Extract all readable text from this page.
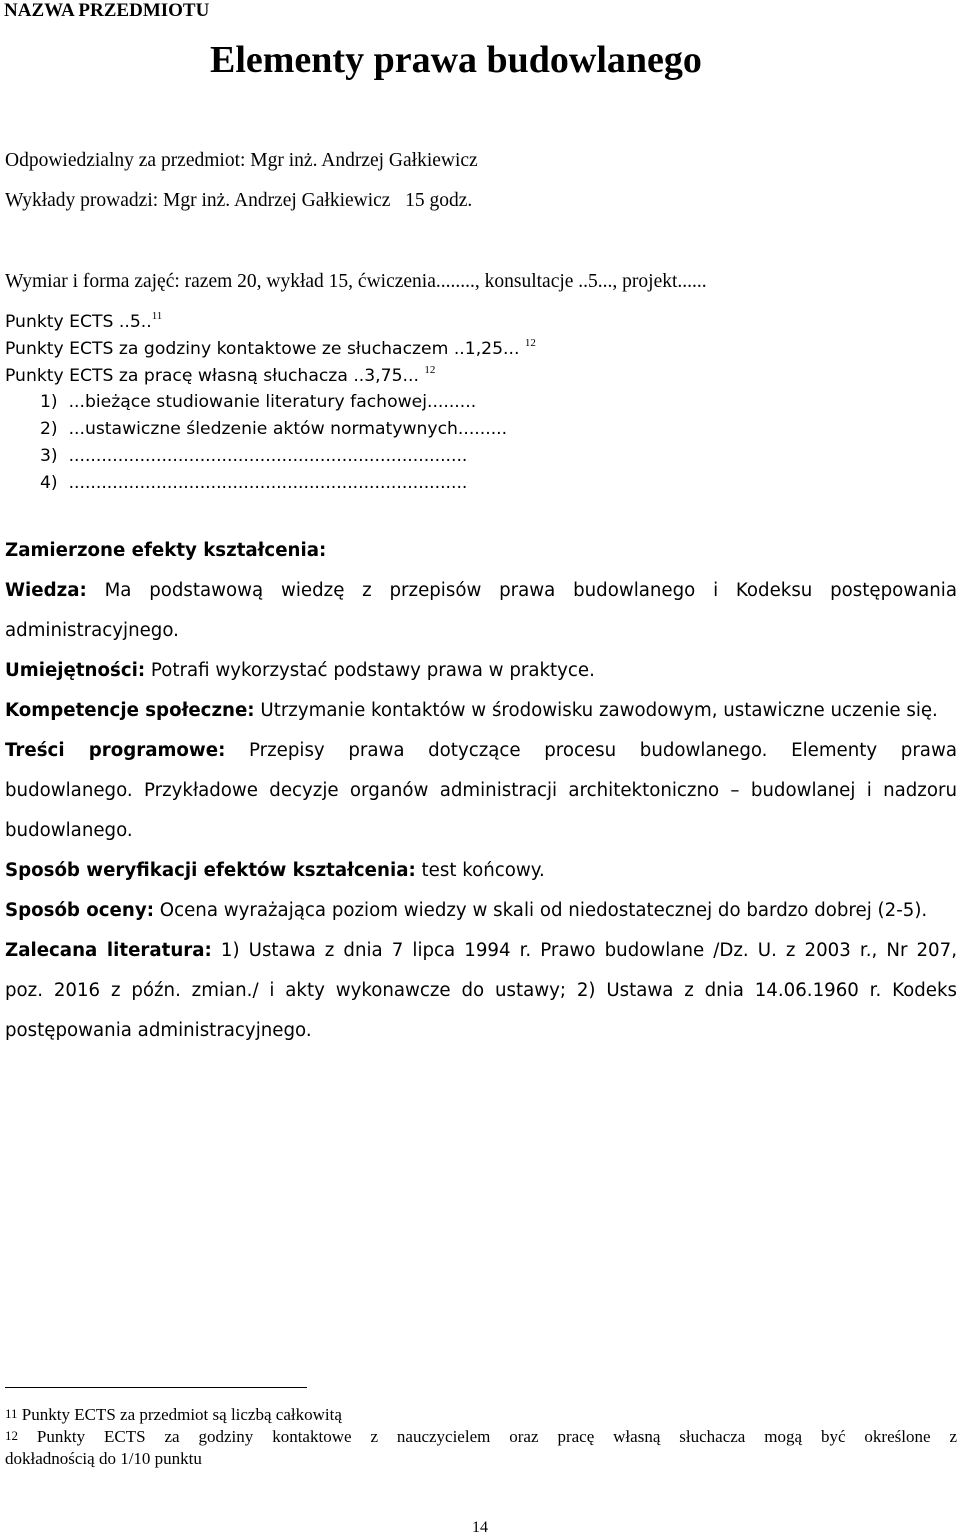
NAZWA PRZEDMIOTU
Elementy prawa budowlanego
Odpowiedzialny za przedmiot: Mgr inż. Andrzej Gałkiewicz
Wykłady prowadzi: Mgr inż. Andrzej Gałkiewicz   15 godz.
Wymiar i forma zajęć: razem 20, wykład 15, ćwiczenia........, konsultacje ..5..., projekt......
Punkty ECTS ..5..$^{11}$
Punkty ECTS za godziny kontaktowe ze słuchaczem ..1,25... $^{12}$
Punkty ECTS za pracę własną słuchacza ..3,75... $^{12}$
1)  ...bieżące studiowanie literatury fachowej.........
2)  ...ustawiczne śledzenie aktów normatywnych.........
3)  .........................................................................
4)  .........................................................................
Zamierzone efekty kształcenia:
Wiedza: Ma podstawową wiedzę z przepisów prawa budowlanego i Kodeksu postępowania
administracyjnego.
Umiejętności: Potrafi wykorzystać podstawy prawa w praktyce.
Kompetencje społeczne: Utrzymanie kontaktów w środowisku zawodowym, ustawiczne uczenie się.
Treści programowe: Przepisy prawa dotyczące procesu budowlanego. Elementy prawa
budowlanego. Przykładowe decyzje organów administracji architektoniczno – budowlanej i nadzoru
budowlanego.
Sposób weryfikacji efektów kształcenia: test końcowy.
Sposób oceny: Ocena wyrażająca poziom wiedzy w skali od niedostatecznej do bardzo dobrej (2-5).
Zalecana literatura: 1) Ustawa z dnia 7 lipca 1994 r. Prawo budowlane /Dz. U. z 2003 r., Nr 207,
poz. 2016 z późn. zmian./ i akty wykonawcze do ustawy; 2) Ustawa z dnia 14.06.1960 r. Kodeks
postępowania administracyjnego.
11 Punkty ECTS za przedmiot są liczbą całkowitą
12 Punkty ECTS za godziny kontaktowe z nauczycielem oraz pracę własną słuchacza mogą być określone z
dokładnością do 1/10 punktu
14
